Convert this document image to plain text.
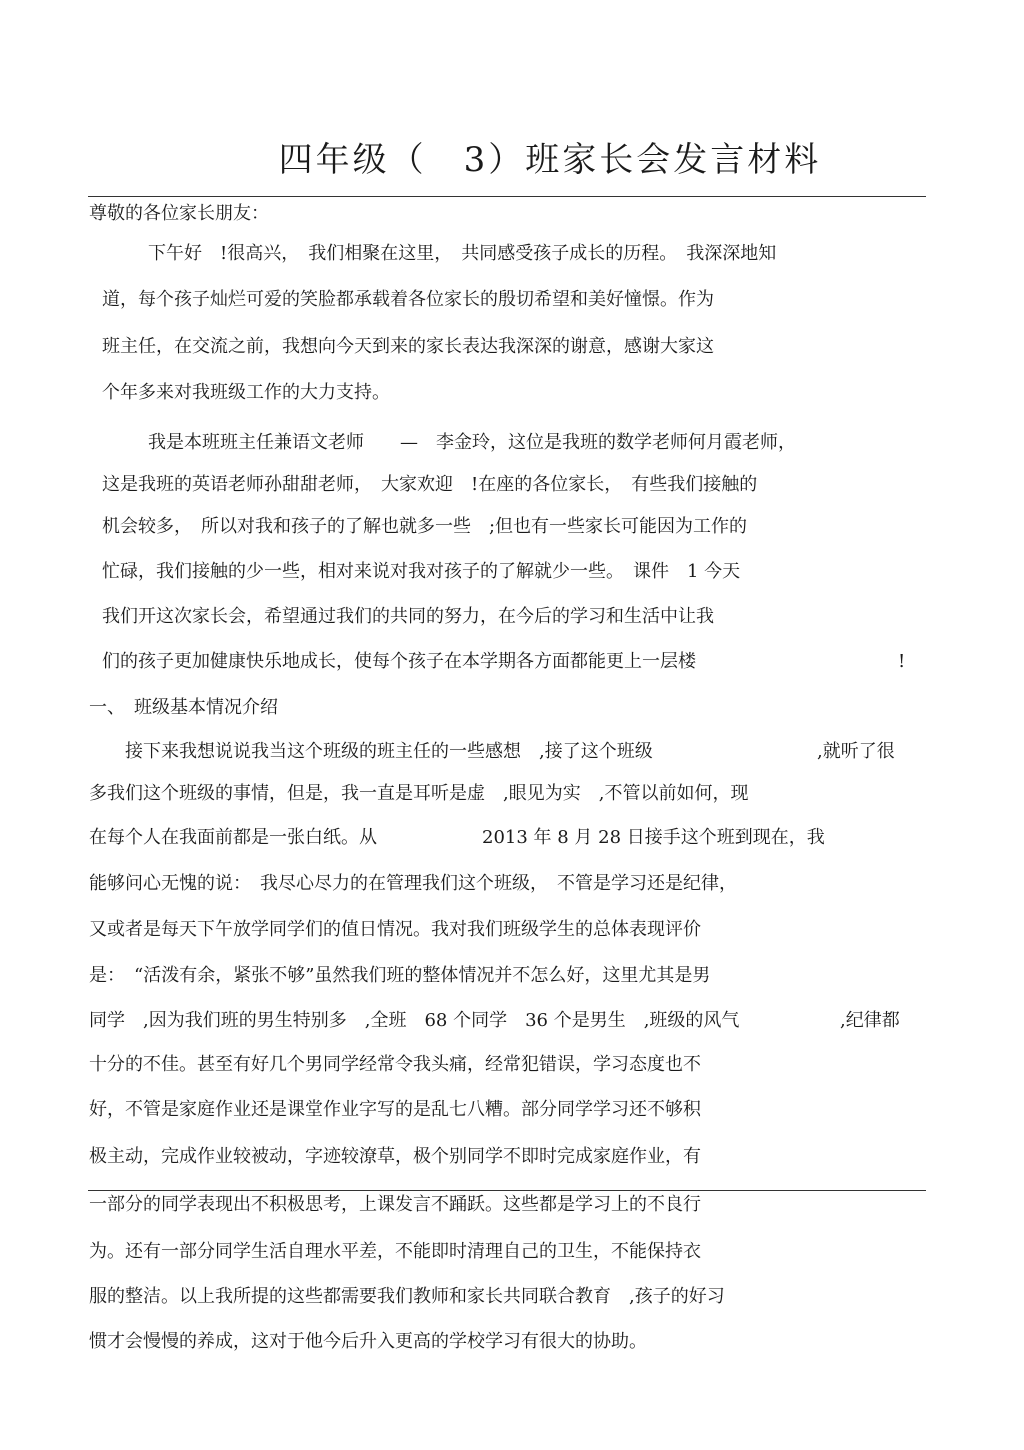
四年级（　3）班家长会发言材料
尊敬的各位家长朋友：
下午好　!很高兴，　我们相聚在这里，　共同感受孩子成长的历程。　我深深地知
道，每个孩子灿烂可爱的笑脸都承载着各位家长的殷切希望和美好憧憬。作为
班主任，在交流之前，我想向今天到来的家长表达我深深的谢意，感谢大家这
个年多来对我班级工作的大力支持。
我是本班班主任兼语文老师　　—　李金玲，这位是我班的数学老师何月霞老师，
这是我班的英语老师孙甜甜老师，　大家欢迎　!在座的各位家长，　有些我们接触的
机会较多，　所以对我和孩子的了解也就多一些　;但也有一些家长可能因为工作的
忙碌，我们接触的少一些，相对来说对我对孩子的了解就少一些。　课件　1 今天
我们开这次家长会，希望通过我们的共同的努力，在今后的学习和生活中让我
们的孩子更加健康快乐地成长，使每个孩子在本学期各方面都能更上一层楼	!
一、　班级基本情况介绍
接下来我想说说我当这个班级的班主任的一些感想　,接了这个班级	,就听了很
多我们这个班级的事情，但是，我一直是耳听是虚　,眼见为实　,不管以前如何，现
在每个人在我面前都是一张白纸。从	2013 年 8 月 28 日接手这个班到现在，我
能够问心无愧的说：　我尽心尽力的在管理我们这个班级，　不管是学习还是纪律，
又或者是每天下午放学同学们的值日情况。我对我们班级学生的总体表现评价
是：　“活泼有余，紧张不够”虽然我们班的整体情况并不怎么好，这里尤其是男
同学　,因为我们班的男生特别多　,全班　68 个同学　36 个是男生　,班级的风气	,纪律都
十分的不佳。甚至有好几个男同学经常令我头痛，经常犯错误，学习态度也不
好，不管是家庭作业还是课堂作业字写的是乱七八糟。部分同学学习还不够积
极主动，完成作业较被动，字迹较潦草，极个别同学不即时完成家庭作业，有
一部分的同学表现出不积极思考，上课发言不踊跃。这些都是学习上的不良行
为。还有一部分同学生活自理水平差，不能即时清理自己的卫生，不能保持衣
服的整洁。以上我所提的这些都需要我们教师和家长共同联合教育　,孩子的好习
惯才会慢慢的养成，这对于他今后升入更高的学校学习有很大的协助。
